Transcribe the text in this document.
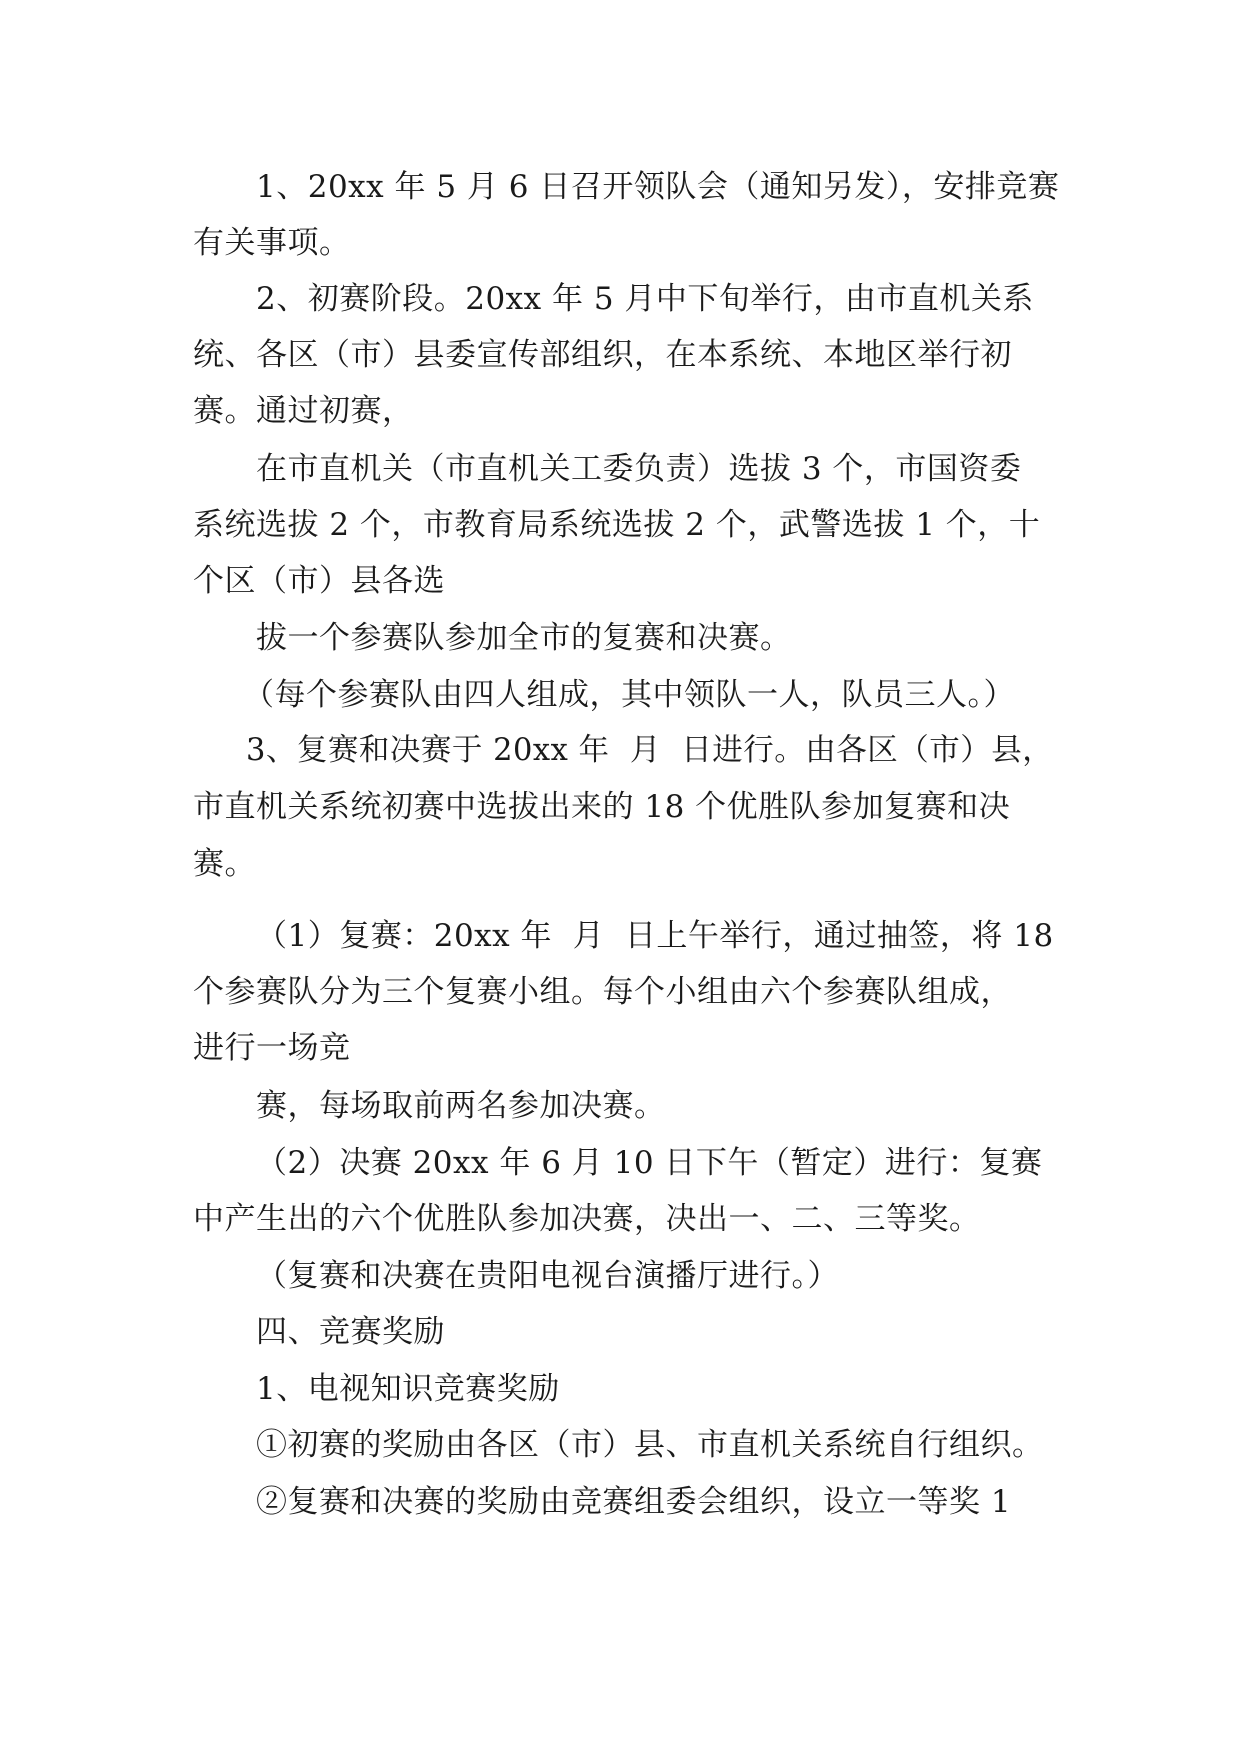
1、20xx 年 5 月 6 日召开领队会（通知另发），安排竞赛
有关事项。
2、初赛阶段。20xx 年 5 月中下旬举行，由市直机关系
统、各区（市）县委宣传部组织，在本系统、本地区举行初
赛。通过初赛，
在市直机关（市直机关工委负责）选拔 3 个，市国资委
系统选拔 2 个，市教育局系统选拔 2 个，武警选拔 1 个，十
个区（市）县各选
拔一个参赛队参加全市的复赛和决赛。
（每个参赛队由四人组成，其中领队一人，队员三人。）
3、复赛和决赛于 20xx 年  月  日进行。由各区（市）县，
市直机关系统初赛中选拔出来的 18 个优胜队参加复赛和决
赛。
（1）复赛：20xx 年  月  日上午举行，通过抽签，将 18
个参赛队分为三个复赛小组。每个小组由六个参赛队组成，
进行一场竞
赛，每场取前两名参加决赛。
（2）决赛 20xx 年 6 月 10 日下午（暂定）进行：复赛
中产生出的六个优胜队参加决赛，决出一、二、三等奖。
（复赛和决赛在贵阳电视台演播厅进行。）
四、竞赛奖励
1、电视知识竞赛奖励
①初赛的奖励由各区（市）县、市直机关系统自行组织。
②复赛和决赛的奖励由竞赛组委会组织，设立一等奖 1
